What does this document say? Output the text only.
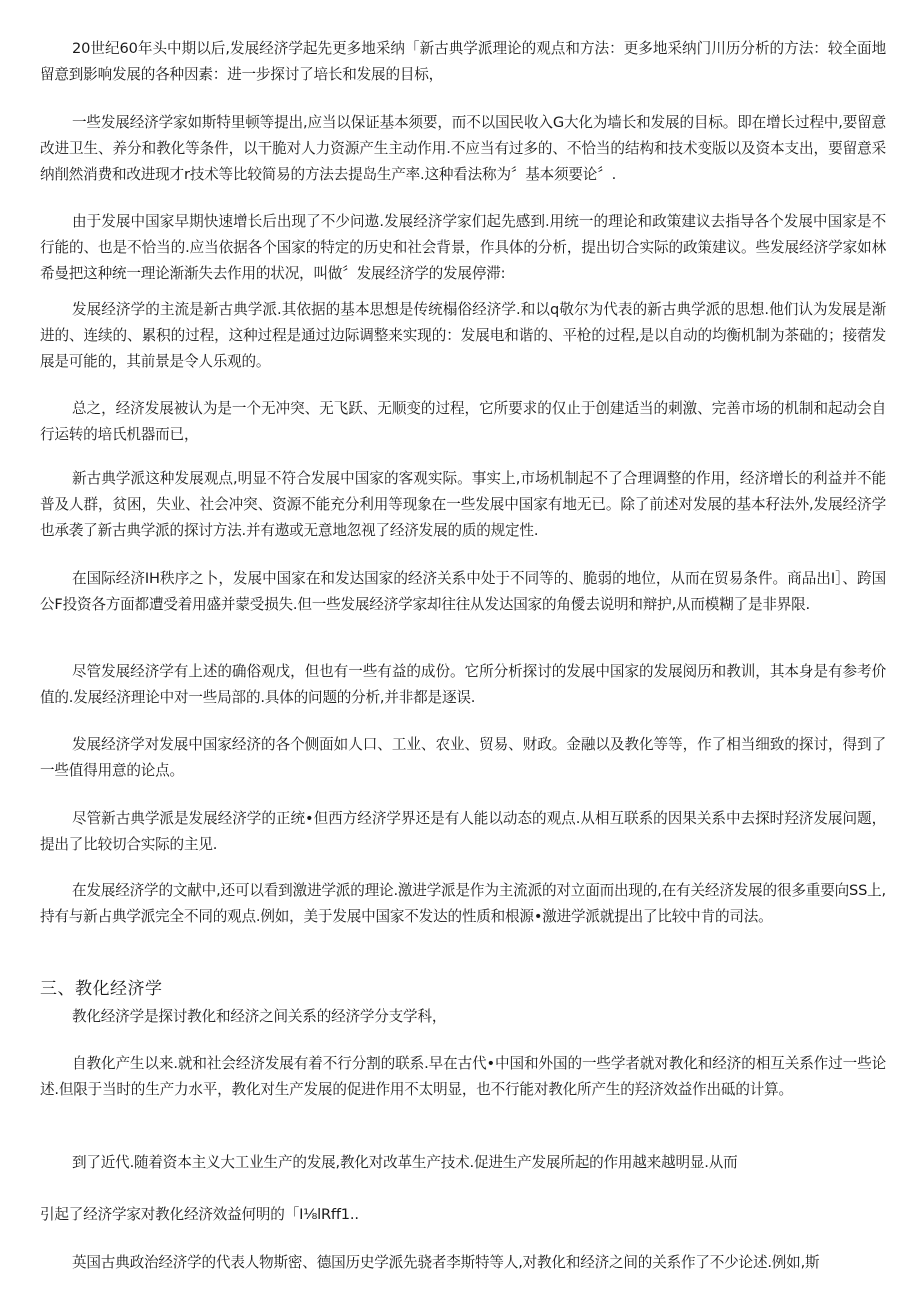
20世纪60年头中期以后,发展经济学起先更多地采纳「新古典学派理论的观点和方法：更多地采纳门川历分析的方法：较全面地留意到影响发展的各种因素：进一步探讨了培长和发展的目标，

一些发展经济学家如斯特里顿等提出,应当以保证基本须要，而不以国民收入G大化为墙长和发展的目标。即在增长过程中,要留意改进卫生、养分和教化等条件，以干脆对人力资源产生主动作用.不应当有过多的、不恰当的结构和技术变版以及资本支出，要留意采纳削然消费和改进现才r技术等比较简易的方法去提岛生产率.这种看法称为〞基本须要论〞.

由于发展中国家早期快速增长后出现了不少问遨.发展经济学家们起先感到.用统一的理论和政策建议去指导各个发展中国家是不行能的、也是不恰当的.应当依据各个国家的特定的历史和社会背景，作具体的分析，提出切合实际的政策建议。些发展经济学家如林希曼把这种统一理论渐渐失去作用的状况，叫做〞发展经济学的发展停滞:

发展经济学的主流是新古典学派.其依据的基本思想是传统榻俗经济学.和以q敬尔为代表的新古典学派的思想.他们认为发展是渐进的、连续的、累积的过程，这种过程是通过边际调整来实现的：发展电和谐的、平枪的过程,是以自动的均衡机制为茶础的；接蓿发展是可能的，其前景是令人乐观的。

总之，经济发展被认为是一个无冲突、无飞跃、无顺变的过程，它所要求的仅止于创建适当的刺激、完善市场的机制和起动会自行运转的培氏机器而已，

新古典学派这种发展观点,明显不符合发展中国家的客观实际。事实上,市场机制起不了合理调整的作用，经济增长的利益并不能普及人群，贫困，失业、社会冲突、资源不能充分利用等现象在一些发展中国家有地无已。除了前述对发展的基本秄法外,发展经济学也承袭了新古典学派的探讨方法.并有遨或无意地忽视了经济发展的质的规定性.

在国际经济IH秩序之卜，发展中国家在和发达国家的经济关系中处于不同等的、脆弱的地位，从而在贸易条件。商品出I］、跨国公F投资各方面都遭受着用盛并蒙受损失.但一些发展经济学家却往往从发达国家的角僾去说明和辩护,从而模糊了是非界限.

尽管发展经济学有上述的确俗观戊，但也有一些有益的成份。它所分析探讨的发展中国家的发展阅历和教训，其本身是有参考价值的.发展经济理论中对一些局部的.具体的问题的分析,并非都是逐误.

发展经济学对发展中国家经济的各个侧面如人口、工业、农业、贸易、财政。金融以及教化等等，作了相当细致的探讨，得到了一些值得用意的论点。

尽管新古典学派是发展经济学的正统•但西方经济学界还是有人能以动态的观点.从相互联系的因果关系中去探时羟济发展问题，提出了比较切合实际的主见.

在发展经济学的文献中,还可以看到激进学派的理论.激进学派是作为主流派的对立面而出现的,在有关经济发展的很多重要向SS上,持有与新占典学派完全不同的观点.例如，美于发展中国家不发达的性质和根源•激进学派就提出了比较中肯的司法。

三、教化经济学

教化经济学是探讨教化和经济之间关系的经济学分支学科，

自教化产生以来.就和社会经济发展有着不行分割的联系.早在古代•中国和外国的一些学者就对教化和经济的相互关系作过一些论述.但限于当时的生产力水平，教化对生产发展的促进作用不太明显，也不行能对教化所产生的羟济效益作出砥的计算。

到了近代.随着资本主义大工业生产的发展,教化对改革生产技术.促进生产发展所起的作用越来越明显.从而

引起了经济学家对教化经济效益何明的「I⅛lRff1..

英国古典政治经济学的代表人物斯密、德国历史学派先骁者李斯特等人,对教化和经济之间的关系作了不少论述.例如,斯
